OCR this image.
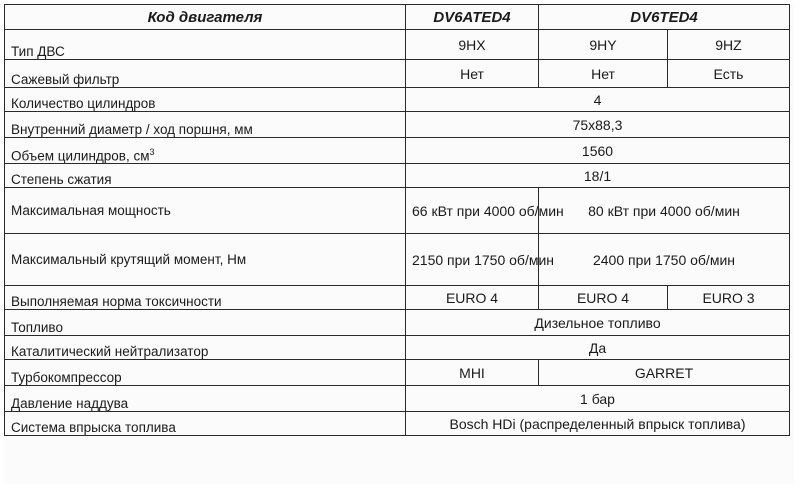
Код двигателя	DV6ATED4	DV6TED4	
Тип ДВС	9HX	9HY	9HZ
Сажевый фильтр	Нет	Нет	Есть
Количество цилиндров	4		
Внутренний диаметр / ход поршня, мм	75x88,3		
Объем цилиндров, $см^3$	1560		
Степень сжатия	18/1		
Максимальная мощность	66 кВт при 4000 об/мин	80 кВт при 4000 об/мин	
Максимальный крутящий момент, Нм	2150 при 1750 об/мин	2400 при 1750 об/мин	
Выполняемая норма токсичности	EURO 4	EURO 4	EURO 3
Топливо	Дизельное топливо		
Каталитический нейтрализатор	Да		
Турбокомпрессор	MHI	GARRET	
Давление наддува	1 бар		
Система впрыска топлива	Bosch HDi (распределенный впрыск топлива)		
